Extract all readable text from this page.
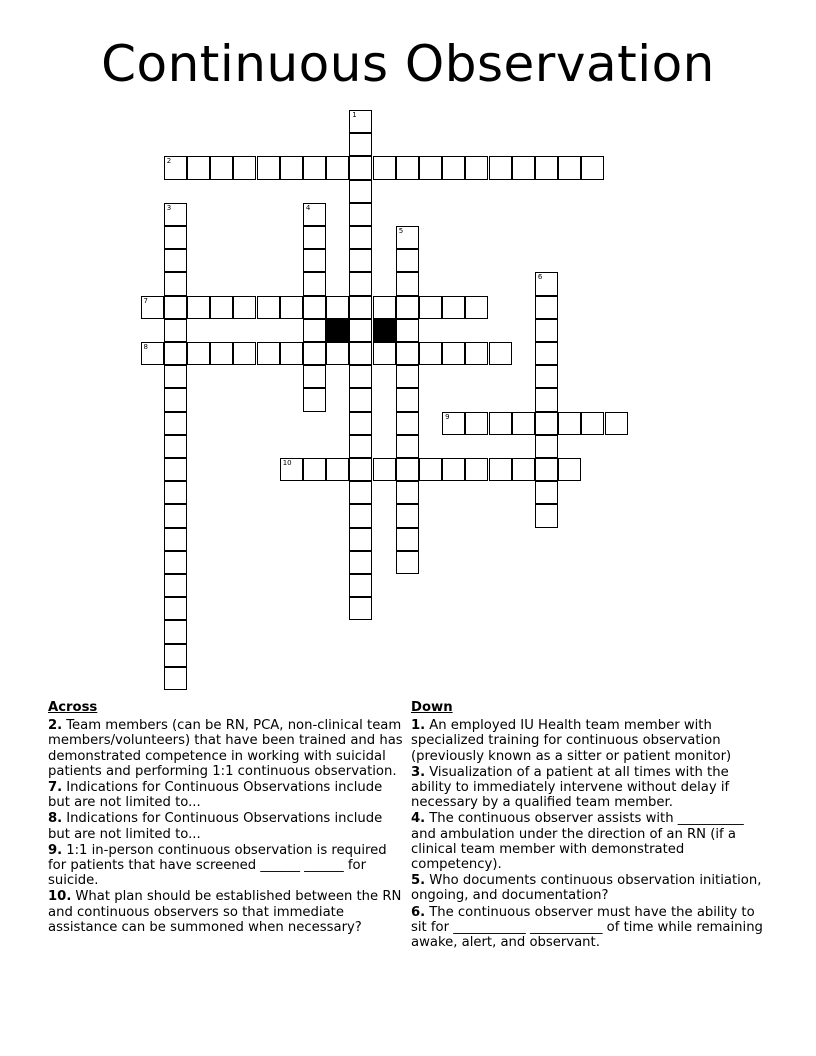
Continuous Observation
1
2
3	4
5
6
7
8
9
10
Across
2. Team members (can be RN, PCA, non-clinical team members/volunteers) that have been trained and has demonstrated competence in working with suicidal patients and performing 1:1 continuous observation.
7. Indications for Continuous Observations include but are not limited to...
8. Indications for Continuous Observations include but are not limited to...
9. 1:1 in-person continuous observation is required for patients that have screened ______ ______ for suicide.
10. What plan should be established between the RN and continuous observers so that immediate assistance can be summoned when necessary?
Down
1. An employed IU Health team member with specialized training for continuous observation (previously known as a sitter or patient monitor)
3. Visualization of a patient at all times with the ability to immediately intervene without delay if necessary by a qualified team member.
4. The continuous observer assists with __________ and ambulation under the direction of an RN (if a clinical team member with demonstrated competency).
5. Who documents continuous observation initiation, ongoing, and documentation?
6. The continuous observer must have the ability to sit for ___________ ___________ of time while remaining awake, alert, and observant.
